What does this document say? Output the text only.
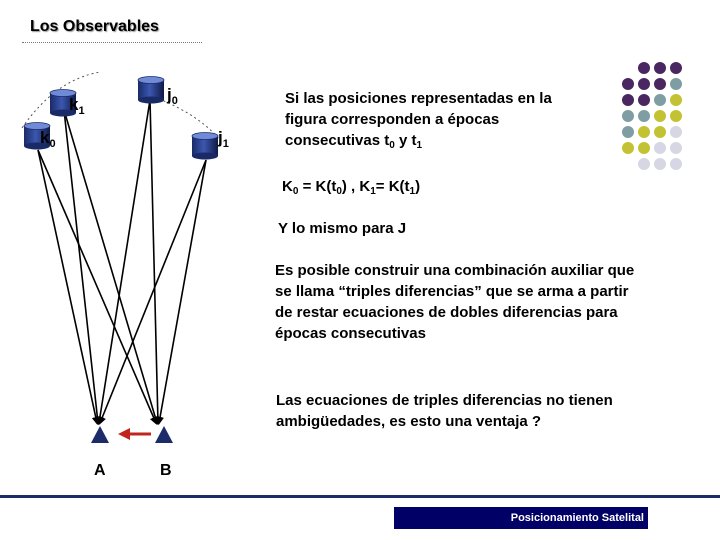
Los Observables
$j_0$
$k_1$
$k_0$	$j_1$
A	B
Si las posiciones representadas en la
figura corresponden a épocas
consecutivas $t_0$ y $t_1$
$K_0 = K(t_0)$ , $K_1= K(t_1)$
Y lo mismo para J
Es posible construir una combinación auxiliar que se llama “triples diferencias” que se arma a partir de restar ecuaciones de dobles diferencias para épocas consecutivas
Las ecuaciones de triples diferencias no tienen ambigüedades, es esto una ventaja ?
Posicionamiento Satelital
